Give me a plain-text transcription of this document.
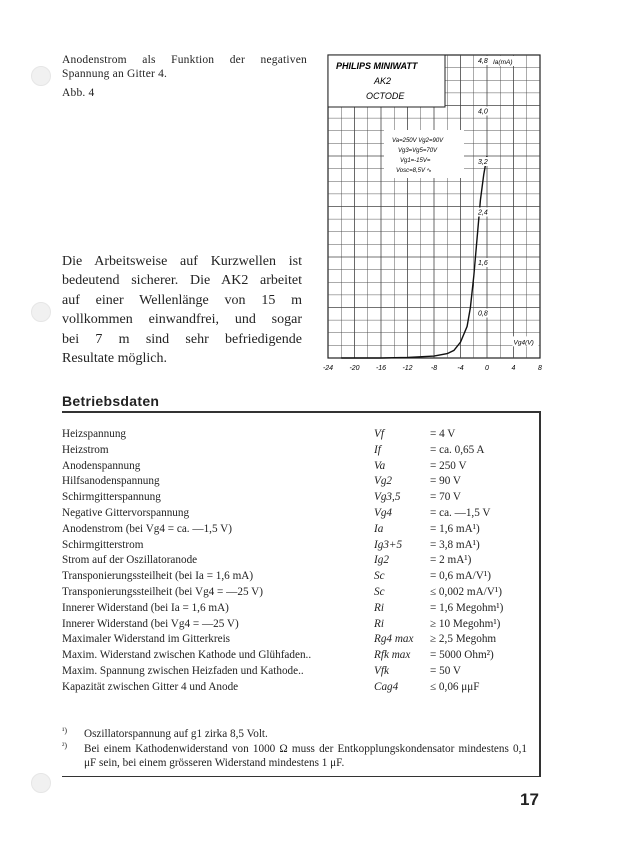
Anodenstrom als Funktion der negativen
Spannung an Gitter 4.
Abb. 4
PHILIPS MINIWATT
AK2
OCTODE
Va=250V Vg2=90V
Vg3=Vg5=70V
Vg1=-15V=
Vosc=8,5V ∿
4,8
4,0
3,2
2,4
1,6
0,8
Ia(mA)
Vg4(V)
-24 -20 -16 -12	-8	-4	0	4	8
Die Arbeitsweise auf Kurzwellen ist
bedeutend sicherer. Die AK2 arbeitet
auf einer Wellenlänge von 15 m
vollkommen einwandfrei, und sogar
bei 7 m sind sehr befriedigende
Resultate möglich.
Betriebsdaten
Heizspannung . . .	Vf	= 4 V
Heizstrom . . .	If	= ca. 0,65 A
Anodenspannung . . .	Va	= 250 V
Hilfsanodenspannung . . .	Vg2	= 90 V
Schirmgitterspannung . . .	Vg3,5	= 70 V
Negative Gittervorspannung . . .	Vg4	= ca. —1,5 V
Anodenstrom (bei Vg4 = ca. —1,5 V) . . .	Ia	= 1,6 mA¹)
Schirmgitterstrom . . .	Ig3+5 = 3,8 mA¹)
Strom auf der Oszillatoranode . . .	Ig2	= 2 mA¹)
Transponierungssteilheit (bei Ia = 1,6 mA) . . .	Sc	= 0,6 mA/V¹)
Transponierungssteilheit (bei Vg4 = —25 V) . . .	Sc	≤ 0,002 mA/V¹)
Innerer Widerstand (bei Ia = 1,6 mA) . . .	Ri	= 1,6 Megohm¹)
Innerer Widerstand (bei Vg4 = —25 V) . . .	Ri	≥ 10 Megohm¹)
Maximaler Widerstand im Gitterkreis . . .	Rg4 max ≥ 2,5 Megohm
Maxim. Widerstand zwischen Kathode und Glühfaden.. . . .	Rfk max = 5000 Ohm²)
Maxim. Spannung zwischen Heizfaden und Kathode.. . . .	Vfk	= 50 V
Kapazität zwischen Gitter 4 und Anode . . .	Cag4	≤ 0,06 μμF
¹) Oszillatorspannung auf g1 zirka 8,5 Volt.
²) Bei einem Kathodenwiderstand von 1000 Ω muss der Entkopplungskondensator mindestens 0,1 μF sein, bei einem grösseren Widerstand mindestens 1 μF.
17
